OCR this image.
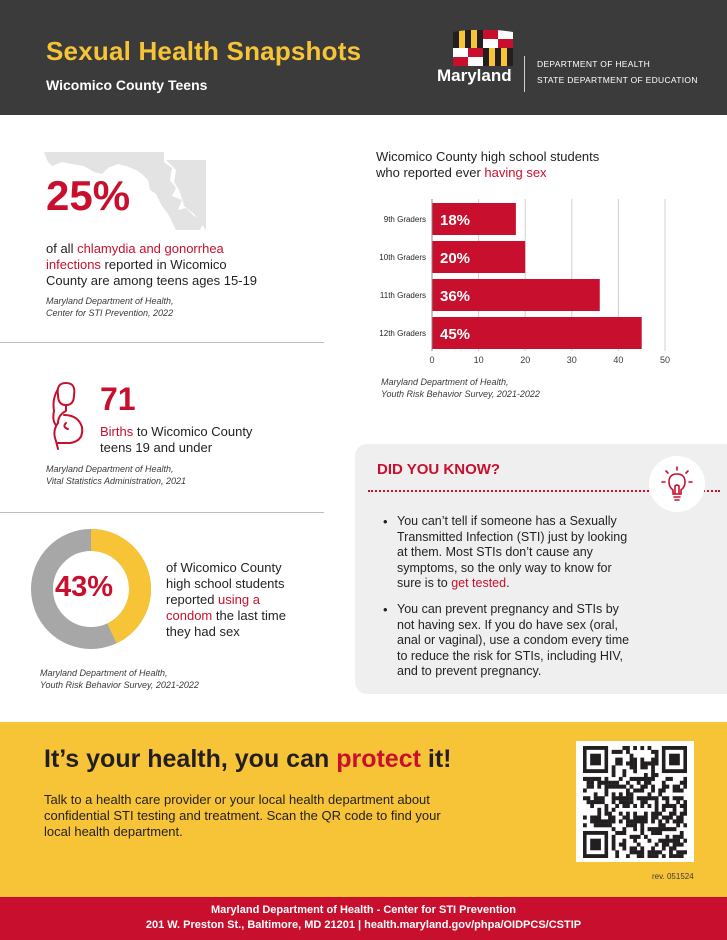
Sexual Health Snapshots
Wicomico County Teens	Maryland
DEPARTMENT OF HEALTH
STATE DEPARTMENT OF EDUCATION
25%
of all chlamydia and gonorrhea
infections reported in Wicomico
County are among teens ages 15-19
Maryland Department of Health,
Center for STI Prevention, 2022
71
Births to Wicomico County
teens 19 and under
Maryland Department of Health,
Vital Statistics Administration, 2021
43%
of Wicomico County
high school students
reported using a
condom the last time
they had sex
Maryland Department of Health,
Youth Risk Behavior Survey, 2021-2022
Wicomico County high school students
who reported ever having sex
0	10	20	30	40	50
9th Graders 18%
10th Graders 20%
11th Graders 36%
12th Graders 45%
Maryland Department of Health,
Youth Risk Behavior Survey, 2021-2022
DID YOU KNOW?
• You can’t tell if someone has a Sexually
Transmitted Infection (STI) just by looking
at them. Most STIs don’t cause any
symptoms, so the only way to know for
sure is to get tested.
• You can prevent pregnancy and STIs by
not having sex. If you do have sex (oral,
anal or vaginal), use a condom every time
to reduce the risk for STIs, including HIV,
and to prevent pregnancy.
It’s your health, you can protect it!
Talk to a health care provider or your local health department about
confidential STI testing and treatment. Scan the QR code to find your
local health department.
rev. 051524
Maryland Department of Health - Center for STI Prevention
201 W. Preston St., Baltimore, MD 21201 | health.maryland.gov/phpa/OIDPCS/CSTIP
